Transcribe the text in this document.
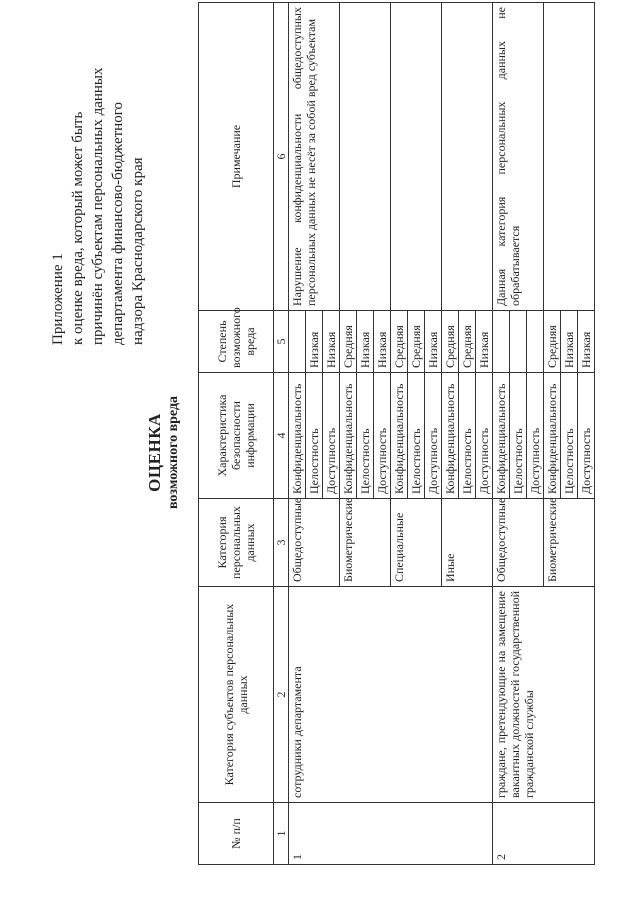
Приложение 1 к оценке вреда, который может быть причинён субъектам персональных данных департамента финансово-бюджетного надзора Краснодарского края
ОЦЕНКА возможного вреда
№ п/п	Категория субъектов персональных данных	Категория персональных данных	Характеристика безопасности информации	Степень возможного вреда	Примечание
1	2	3	4	5	6
1	сотрудники департамента	Общедоступные	Конфиденциальность		Нарушение конфиденциальности общедоступных персональных данных не несёт за собой вред субъектам
			Целостность	Низкая	
			Доступность	Низкая	
		Биометрические	Конфиденциальность	Средняя	
			Целостность	Низкая	
			Доступность	Низкая	
		Специальные	Конфиденциальность	Средняя	
			Целостность	Средняя	
			Доступность	Низкая	
		Иные	Конфиденциальность	Средняя	
			Целостность	Средняя	
			Доступность	Низкая	
2	граждане, претендующие на замещение вакантных должностей государственной гражданской службы	Общедоступные	Конфиденциальность		Данная категория персональных данных не обрабатывается
			Целостность		
			Доступность		
		Биометрические	Конфиденциальность	Средняя	
			Целостность	Низкая	
			Доступность	Низкая	
